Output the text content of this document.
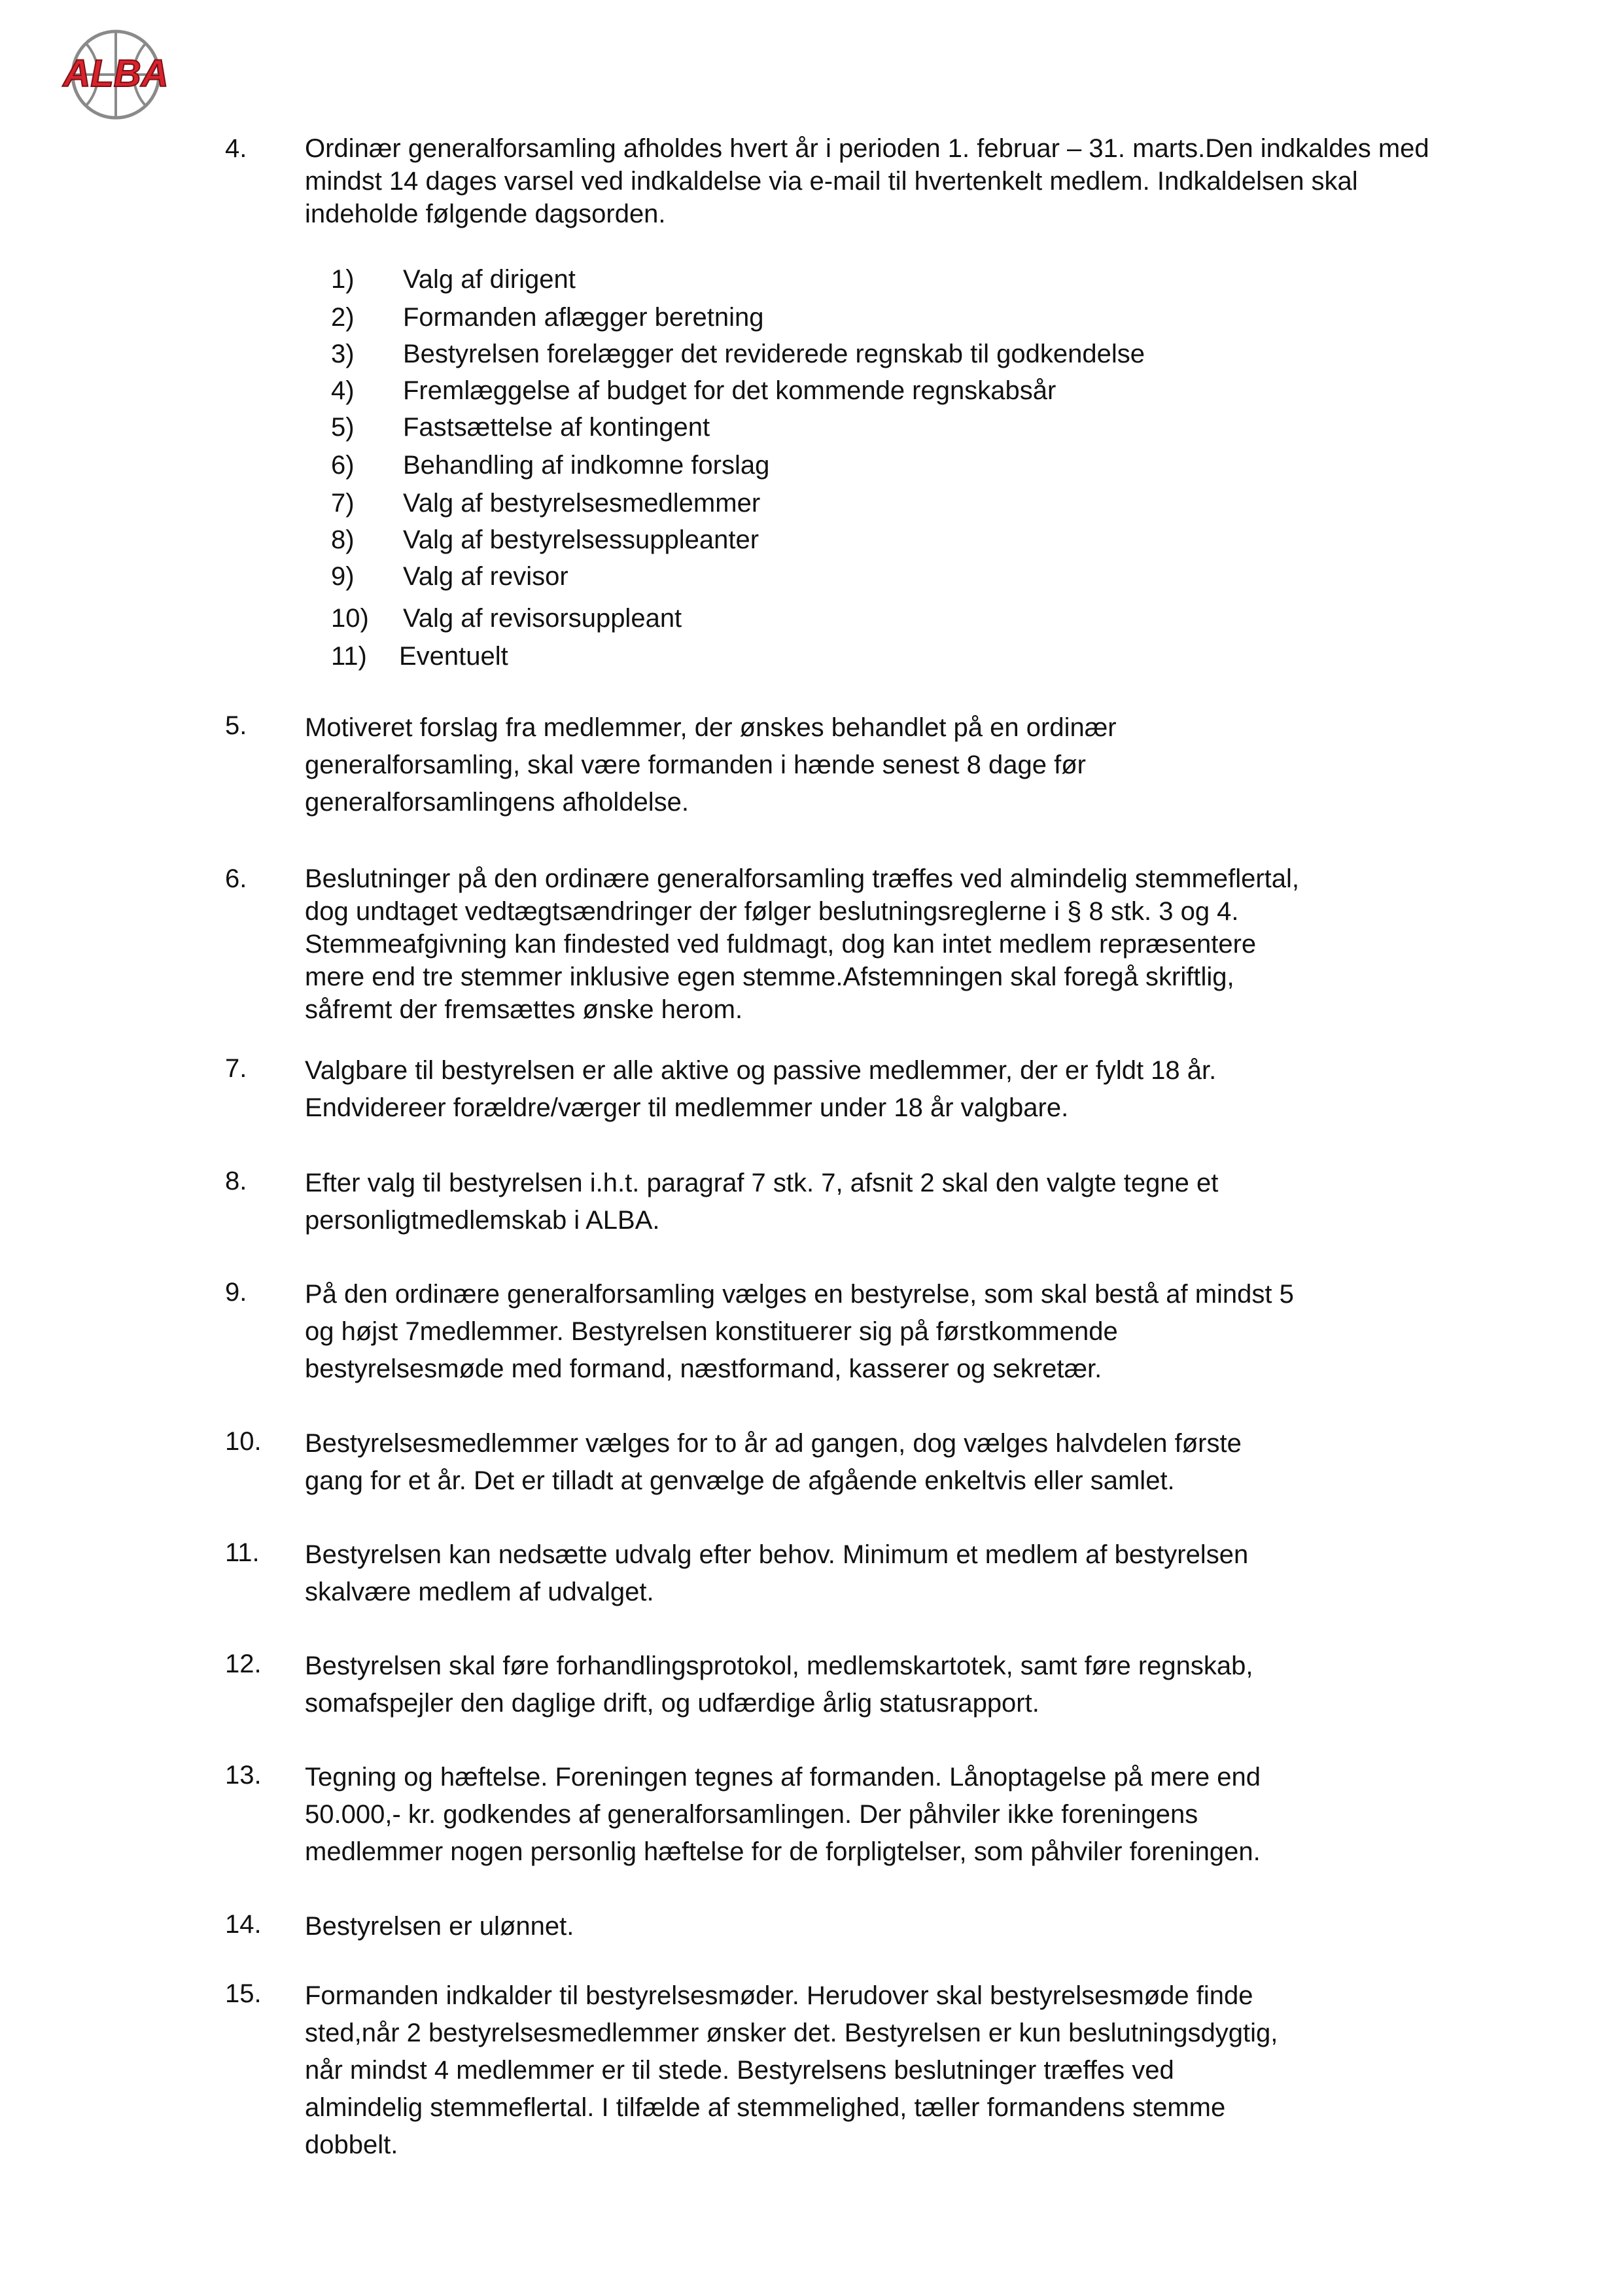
ALBA
4. Ordinær generalforsamling afholdes hvert år i perioden 1. februar – 31. marts.Den indkaldes med
mindst 14 dages varsel ved indkaldelse via e-mail til hvertenkelt medlem. Indkaldelsen skal
indeholde følgende dagsorden.
1) Valg af dirigent
2) Formanden aflægger beretning
3) Bestyrelsen forelægger det reviderede regnskab til godkendelse
4) Fremlæggelse af budget for det kommende regnskabsår
5) Fastsættelse af kontingent
6) Behandling af indkomne forslag
7) Valg af bestyrelsesmedlemmer
8) Valg af bestyrelsessuppleanter
9) Valg af revisor
10) Valg af revisorsuppleant
11) Eventuelt
5. Motiveret forslag fra medlemmer, der ønskes behandlet på en ordinær
generalforsamling, skal være formanden i hænde senest 8 dage før
generalforsamlingens afholdelse.
6. Beslutninger på den ordinære generalforsamling træffes ved almindelig stemmeflertal,
dog undtaget vedtægtsændringer der følger beslutningsreglerne i § 8 stk. 3 og 4.
Stemmeafgivning kan findested ved fuldmagt, dog kan intet medlem repræsentere
mere end tre stemmer inklusive egen stemme.Afstemningen skal foregå skriftlig,
såfremt der fremsættes ønske herom.
7. Valgbare til bestyrelsen er alle aktive og passive medlemmer, der er fyldt 18 år.
Endvidereer forældre/værger til medlemmer under 18 år valgbare.
8. Efter valg til bestyrelsen i.h.t. paragraf 7 stk. 7, afsnit 2 skal den valgte tegne et
personligtmedlemskab i ALBA.
9. På den ordinære generalforsamling vælges en bestyrelse, som skal bestå af mindst 5
og højst 7medlemmer. Bestyrelsen konstituerer sig på førstkommende
bestyrelsesmøde med formand, næstformand, kasserer og sekretær.
10. Bestyrelsesmedlemmer vælges for to år ad gangen, dog vælges halvdelen første
gang for et år. Det er tilladt at genvælge de afgående enkeltvis eller samlet.
11. Bestyrelsen kan nedsætte udvalg efter behov. Minimum et medlem af bestyrelsen
skalvære medlem af udvalget.
12. Bestyrelsen skal føre forhandlingsprotokol, medlemskartotek, samt føre regnskab,
somafspejler den daglige drift, og udfærdige årlig statusrapport.
13. Tegning og hæftelse. Foreningen tegnes af formanden. Lånoptagelse på mere end
50.000,- kr. godkendes af generalforsamlingen. Der påhviler ikke foreningens
medlemmer nogen personlig hæftelse for de forpligtelser, som påhviler foreningen.
14. Bestyrelsen er ulønnet.
15. Formanden indkalder til bestyrelsesmøder. Herudover skal bestyrelsesmøde finde
sted,når 2 bestyrelsesmedlemmer ønsker det. Bestyrelsen er kun beslutningsdygtig,
når mindst 4 medlemmer er til stede. Bestyrelsens beslutninger træffes ved
almindelig stemmeflertal. I tilfælde af stemmelighed, tæller formandens stemme
dobbelt.
